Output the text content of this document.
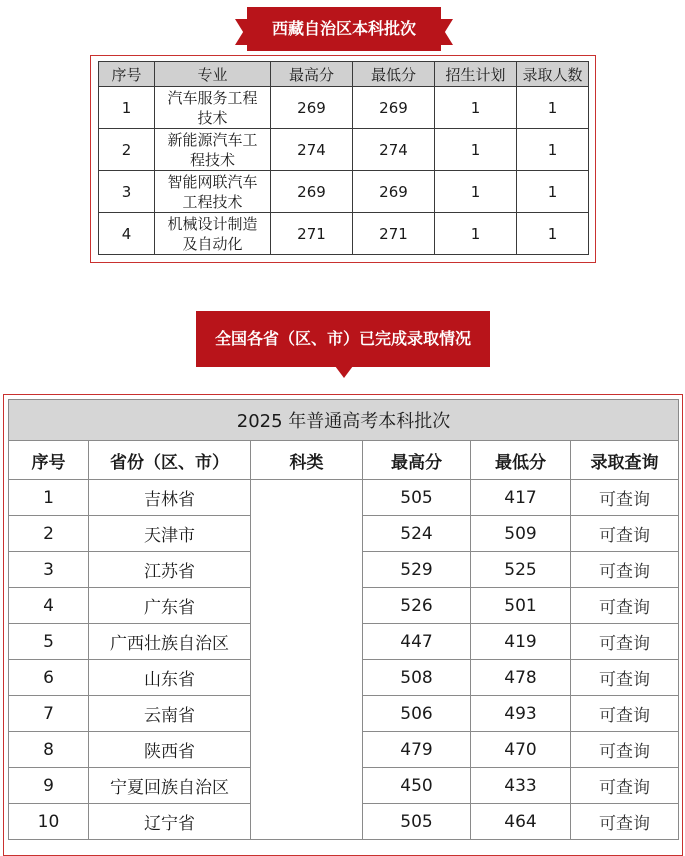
西藏自治区本科批次
序号	专业	最高分	最低分	招生计划	录取人数
1	汽车服务工程技术	269	269	1	1
2	新能源汽车工程技术	274	274	1	1
3	智能网联汽车工程技术	269	269	1	1
4	机械设计制造及自动化	271	271	1	1
全国各省（区、市）已完成录取情况
2025 年普通高考本科批次					
序号	省份（区、市）	科类	最高分	最低分	录取查询
1	吉林省		505	417	可查询
2	天津市		524	509	可查询
3	江苏省		529	525	可查询
4	广东省		526	501	可查询
5	广西壮族自治区		447	419	可查询
6	山东省		508	478	可查询
7	云南省		506	493	可查询
8	陕西省		479	470	可查询
9	宁夏回族自治区		450	433	可查询
10	辽宁省		505	464	可查询
